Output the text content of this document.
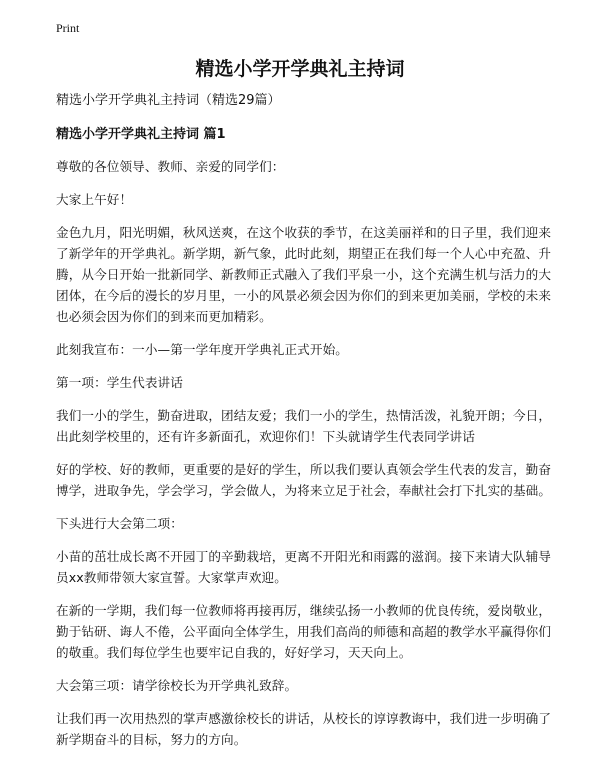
Print
精选小学开学典礼主持词

精选小学开学典礼主持词（精选29篇）

精选小学开学典礼主持词 篇1

尊敬的各位领导、教师、亲爱的同学们：

大家上午好！

金色九月，阳光明媚，秋风送爽，在这个收获的季节，在这美丽祥和的日子里，我们迎来了新学年的开学典礼。新学期，新气象，此时此刻，期望正在我们每一个人心中充盈、升腾，从今日开始一批新同学、新教师正式融入了我们平泉一小，这个充满生机与活力的大团体，在今后的漫长的岁月里，一小的风景必须会因为你们的到来更加美丽，学校的未来也必须会因为你们的到来而更加精彩。

此刻我宣布：一小—第一学年度开学典礼正式开始。

第一项：学生代表讲话

我们一小的学生，勤奋进取，团结友爱；我们一小的学生，热情活泼，礼貌开朗；今日，出此刻学校里的，还有许多新面孔，欢迎你们！下头就请学生代表同学讲话

好的学校、好的教师，更重要的是好的学生，所以我们要认真领会学生代表的发言，勤奋博学，进取争先，学会学习，学会做人，为将来立足于社会，奉献社会打下扎实的基础。

下头进行大会第二项：

小苗的茁壮成长离不开园丁的辛勤栽培，更离不开阳光和雨露的滋润。接下来请大队辅导员xx教师带领大家宣誓。大家掌声欢迎。

在新的一学期，我们每一位教师将再接再厉，继续弘扬一小教师的优良传统，爱岗敬业，勤于钻研、诲人不倦，公平面向全体学生，用我们高尚的师德和高超的教学水平赢得你们的敬重。我们每位学生也要牢记自我的，好好学习，天天向上。

大会第三项：请学徐校长为开学典礼致辞。

让我们再一次用热烈的掌声感激徐校长的讲话，从校长的谆谆教诲中，我们进一步明确了新学期奋斗的目标，努力的方向。
